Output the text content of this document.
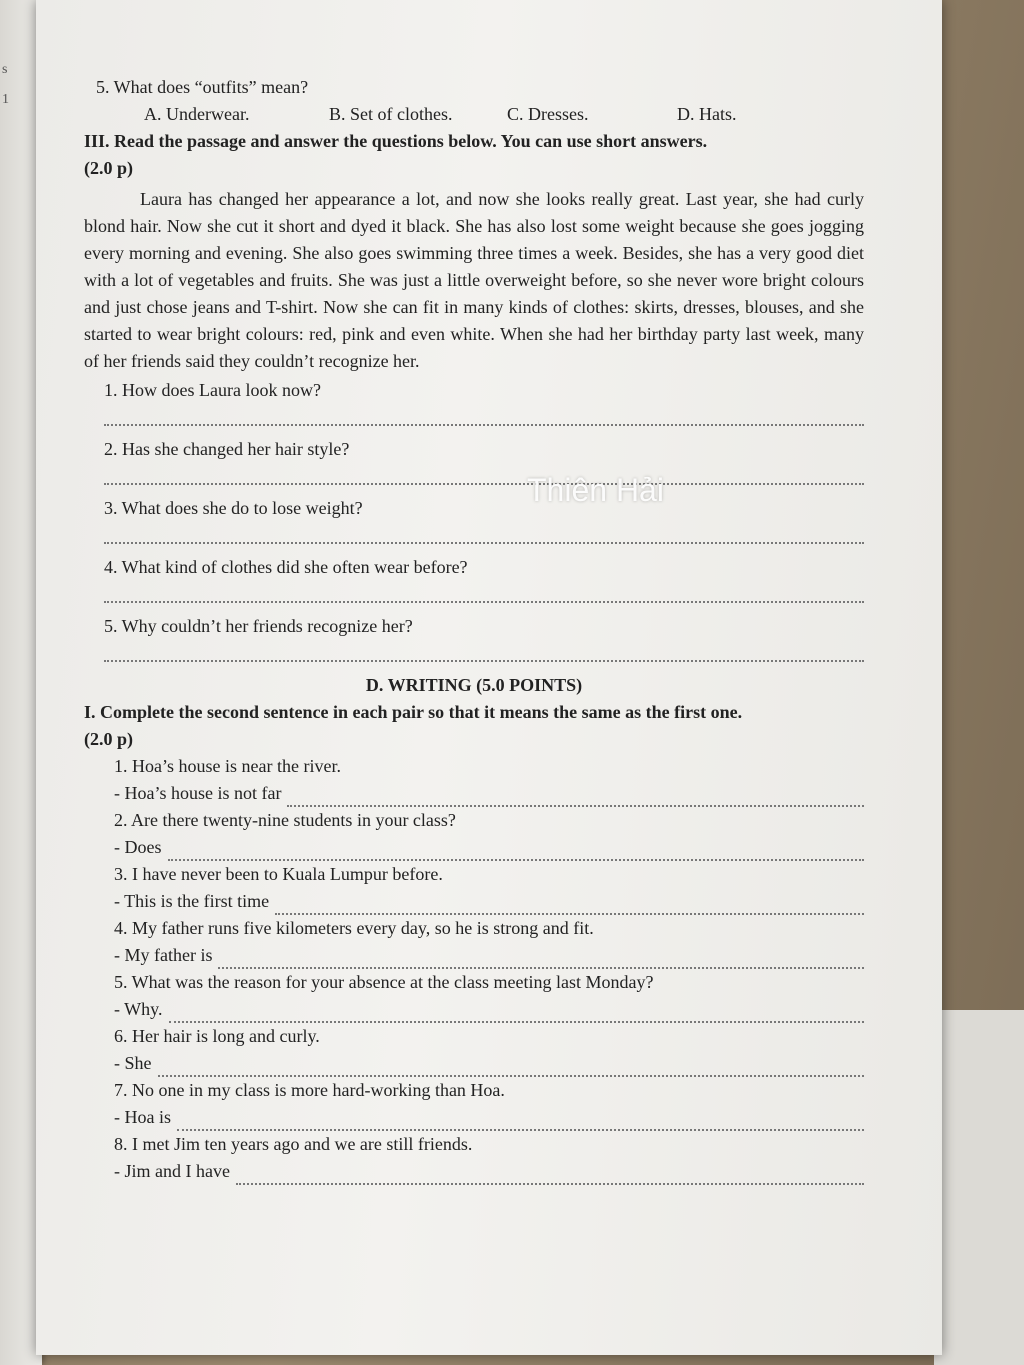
s
1
5. What does “outfits” mean?
A. Underwear.	B. Set of clothes.	C. Dresses.	D. Hats.
III. Read the passage and answer the questions below. You can use short answers.
(2.0 p)
Laura has changed her appearance a lot, and now she looks really great. Last year, she had curly blond hair. Now she cut it short and dyed it black. She has also lost some weight because she goes jogging every morning and evening. She also goes swimming three times a week. Besides, she has a very good diet with a lot of vegetables and fruits. She was just a little overweight before, so she never wore bright colours and just chose jeans and T-shirt. Now she can fit in many kinds of clothes: skirts, dresses, blouses, and she started to wear bright colours: red, pink and even white. When she had her birthday party last week, many of her friends said they couldn’t recognize her.
1. How does Laura look now?
2. Has she changed her hair style?
3. What does she do to lose weight?
4. What kind of clothes did she often wear before?
5. Why couldn’t her friends recognize her?
D. WRITING (5.0 POINTS)
I. Complete the second sentence in each pair so that it means the same as the first one.
(2.0 p)
1. Hoa’s house is near the river.
- Hoa’s house is not far
2. Are there twenty-nine students in your class?
- Does
3. I have never been to Kuala Lumpur before.
- This is the first time
4. My father runs five kilometers every day, so he is strong and fit.
- My father is
5. What was the reason for your absence at the class meeting last Monday?
- Why.
6. Her hair is long and curly.
- She
7. No one in my class is more hard-working than Hoa.
- Hoa is
8. I met Jim ten years ago and we are still friends.
- Jim and I have
Thiên Hải
